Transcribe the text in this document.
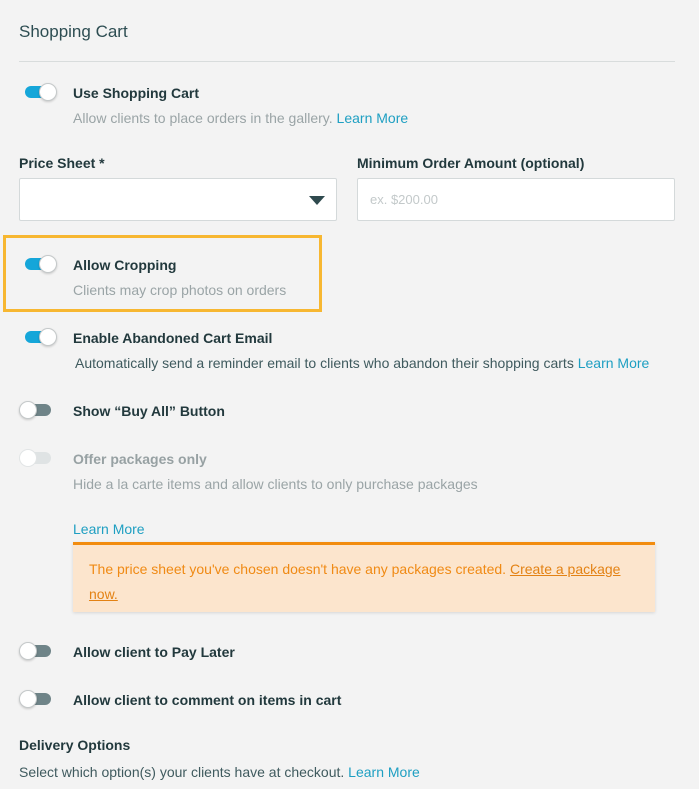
Shopping Cart
Use Shopping Cart
Allow clients to place orders in the gallery. Learn More
Price Sheet *	Minimum Order Amount (optional)
ex. $200.00
Allow Cropping
Clients may crop photos on orders
Enable Abandoned Cart Email
Automatically send a reminder email to clients who abandon their shopping carts Learn More
Show “Buy All” Button
Offer packages only
Hide a la carte items and allow clients to only purchase packages
Learn More
The price sheet you've chosen doesn't have any packages created. Create a package now.
Allow client to Pay Later
Allow client to comment on items in cart
Delivery Options
Select which option(s) your clients have at checkout. Learn More
